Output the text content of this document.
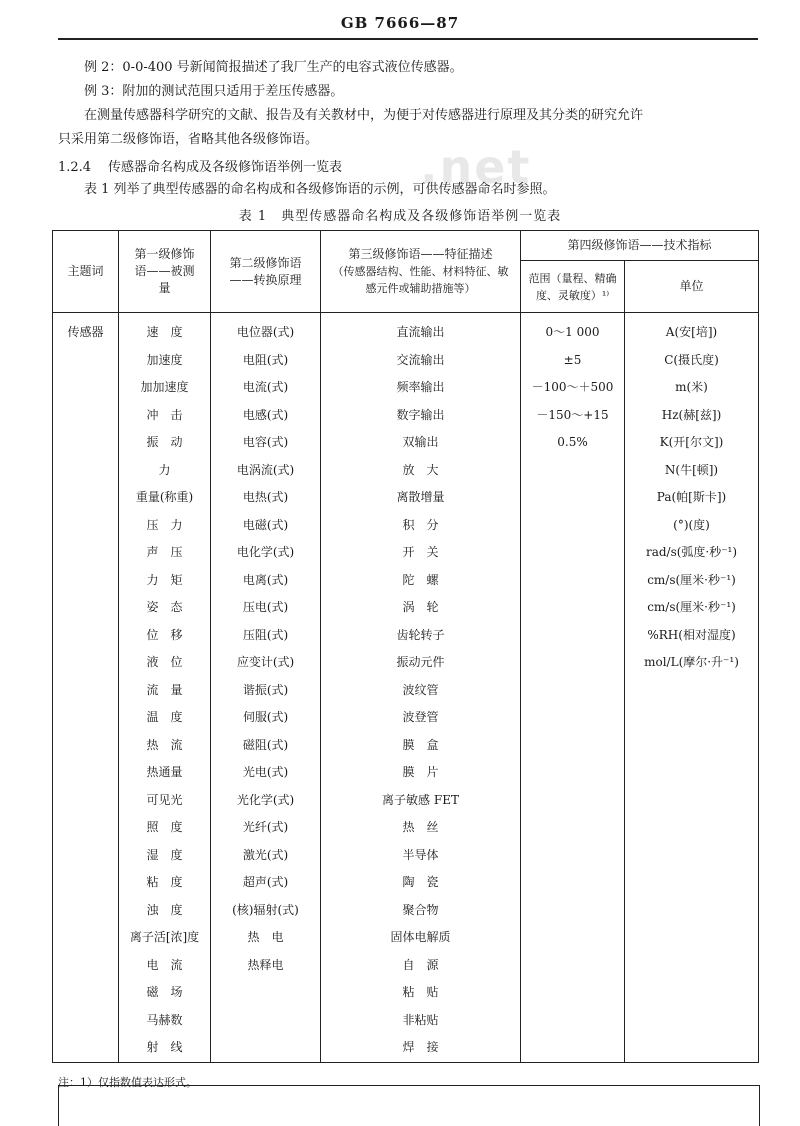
GB 7666—87
.net
例 2：0-0-400 号新闻简报描述了我厂生产的电容式液位传感器。
例 3：附加的测试范围只适用于差压传感器。
在测量传感器科学研究的文献、报告及有关教材中，为便于对传感器进行原理及其分类的研究允许
只采用第二级修饰语，省略其他各级修饰语。
1.2.4 传感器命名构成及各级修饰语举例一览表
表 1 列举了典型传感器的命名构成和各级修饰语的示例，可供传感器命名时参照。
表 1　典型传感器命名构成及各级修饰语举例一览表
主题词	第一级修饰语——被测量	第二级修饰语——转换原理	第三级修饰语——特征描述
（传感器结构、性能、材料特征、敏感元件或辅助措施等）	第四级修饰语——技术指标	
				范围（量程、精确度、灵敏度）¹⁾	单位
传感器	速　度	电位器(式)	直流输出	0～1 000	A(安[培])
	加速度	电阻(式)	交流输出	±5	C(摄氏度)
	加加速度	电流(式)	频率输出	－100～＋500	m(米)
	冲　击	电感(式)	数字输出	－150～+15	Hz(赫[兹])
	振　动	电容(式)	双输出	0.5%	K(开[尔文])
	力	电涡流(式)	放　大		N(牛[顿])
	重量(称重)	电热(式)	离散增量		Pa(帕[斯卡])
	压　力	电磁(式)	积　分		(°)(度)
	声　压	电化学(式)	开　关		rad/s(弧度·秒⁻¹)
	力　矩	电离(式)	陀　螺		cm/s(厘米·秒⁻¹)
	姿　态	压电(式)	涡　轮		cm/s(厘米·秒⁻¹)
	位　移	压阻(式)	齿轮转子		%RH(相对湿度)
	液　位	应变计(式)	振动元件		mol/L(摩尔·升⁻¹)
	流　量	谐振(式)	波纹管		
	温　度	伺服(式)	波登管		
	热　流	磁阻(式)	膜　盒		
	热通量	光电(式)	膜　片		
	可见光	光化学(式)	离子敏感 FET		
	照　度	光纤(式)	热　丝		
	湿　度	激光(式)	半导体		
	粘　度	超声(式)	陶　瓷		
	浊　度	(核)辐射(式)	聚合物		
	离子活[浓]度	热　电	固体电解质		
	电　流	热释电	自　源		
	磁　场		粘　贴		
	马赫数		非粘贴		
	射　线		焊　接		
注：1）仅指数值表达形式。
